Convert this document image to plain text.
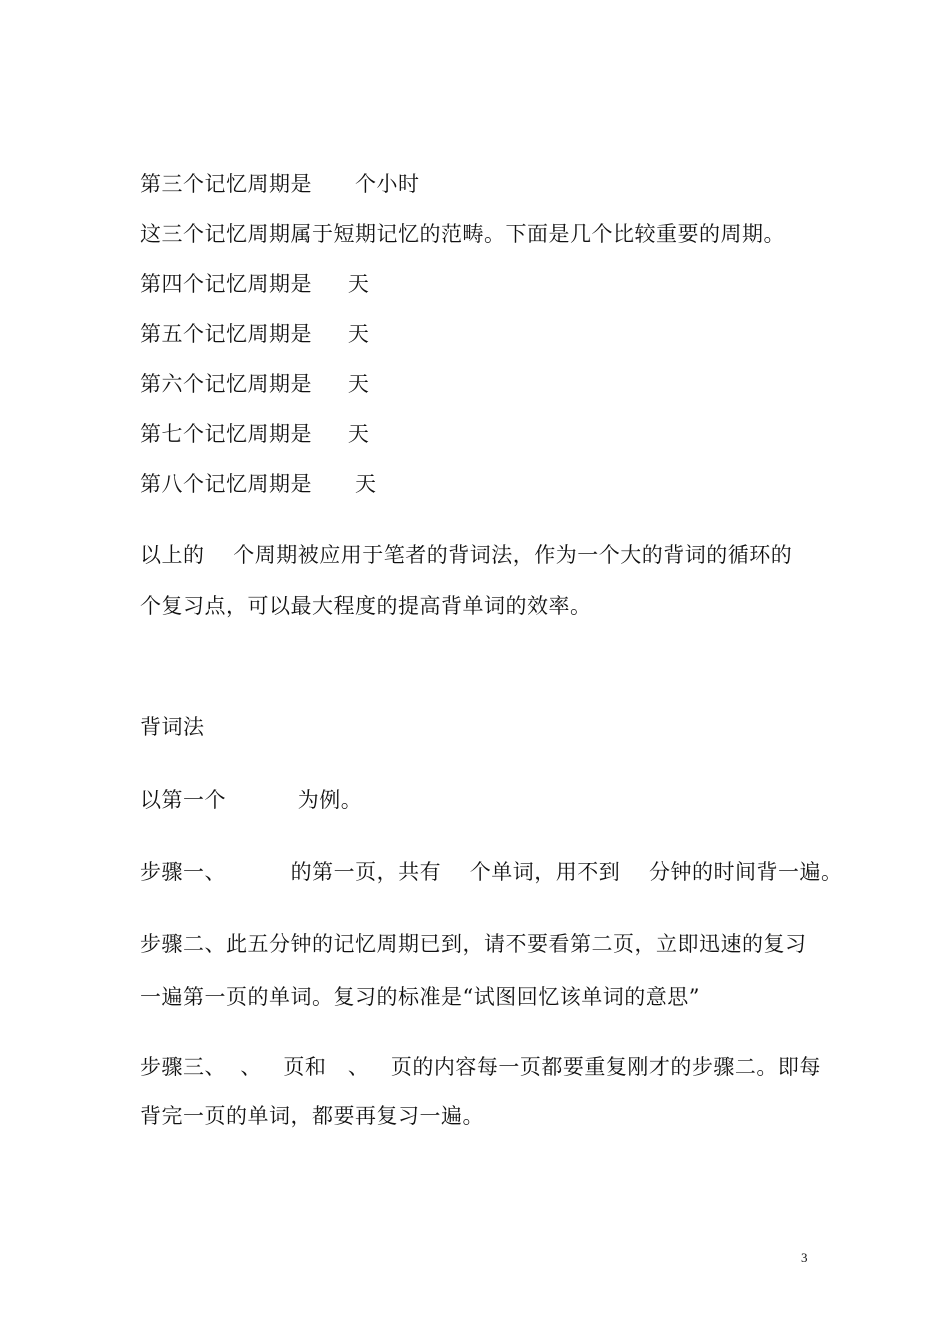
第三个记忆周期是      个小时
这三个记忆周期属于短期记忆的范畴。下面是几个比较重要的周期。
第四个记忆周期是     天
第五个记忆周期是     天
第六个记忆周期是     天
第七个记忆周期是     天
第八个记忆周期是      天
以上的    个周期被应用于笔者的背词法，作为一个大的背词的循环的
个复习点，可以最大程度的提高背单词的效率。
背词法
以第一个          为例。
步骤一、         的第一页，共有    个单词，用不到    分钟的时间背一遍。
步骤二、此五分钟的记忆周期已到，请不要看第二页，立即迅速的复习
一遍第一页的单词。复习的标准是“试图回忆该单词的意思”
步骤三、  、   页和   、   页的内容每一页都要重复刚才的步骤二。即每
背完一页的单词，都要再复习一遍。
3
